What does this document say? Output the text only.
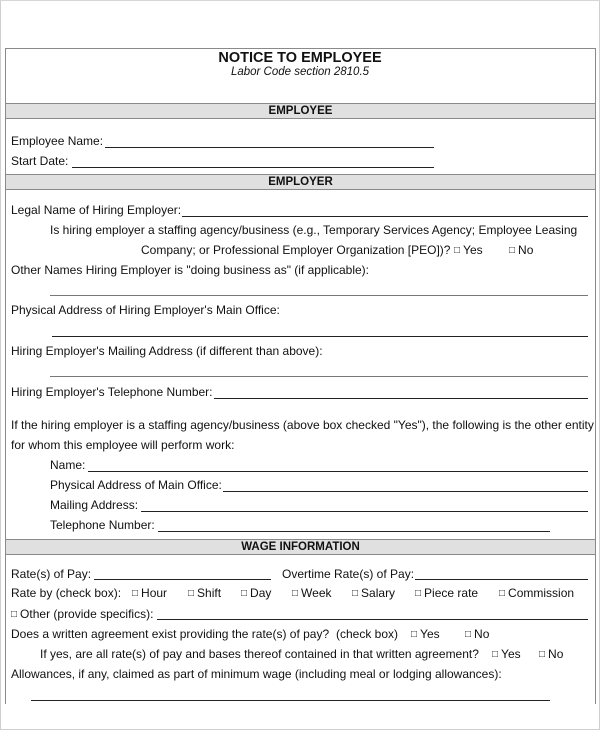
NOTICE TO EMPLOYEE
Labor Code section 2810.5
EMPLOYEE
Employee Name:
Start Date:
EMPLOYER
Legal Name of Hiring Employer:
Is hiring employer a staffing agency/business (e.g., Temporary Services Agency; Employee Leasing
Company; or Professional Employer Organization [PEO])? □ Yes	□ No
Other Names Hiring Employer is "doing business as" (if applicable):
Physical Address of Hiring Employer's Main Office:
Hiring Employer's Mailing Address (if different than above):
Hiring Employer's Telephone Number:
If the hiring employer is a staffing agency/business (above box checked "Yes"), the following is the other entity
for whom this employee will perform work:
Name:
Physical Address of Main Office:
Mailing Address:
Telephone Number:
WAGE INFORMATION
Rate(s) of Pay:	Overtime Rate(s) of Pay:
Rate by (check box): □ Hour □ Shift □ Day □ Week □ Salary □ Piece rate □ Commission
□ Other (provide specifics):
Does a written agreement exist providing the rate(s) of pay? (check box) □ Yes	□ No
If yes, are all rate(s) of pay and bases thereof contained in that written agreement? □ Yes □ No
Allowances, if any, claimed as part of minimum wage (including meal or lodging allowances):
